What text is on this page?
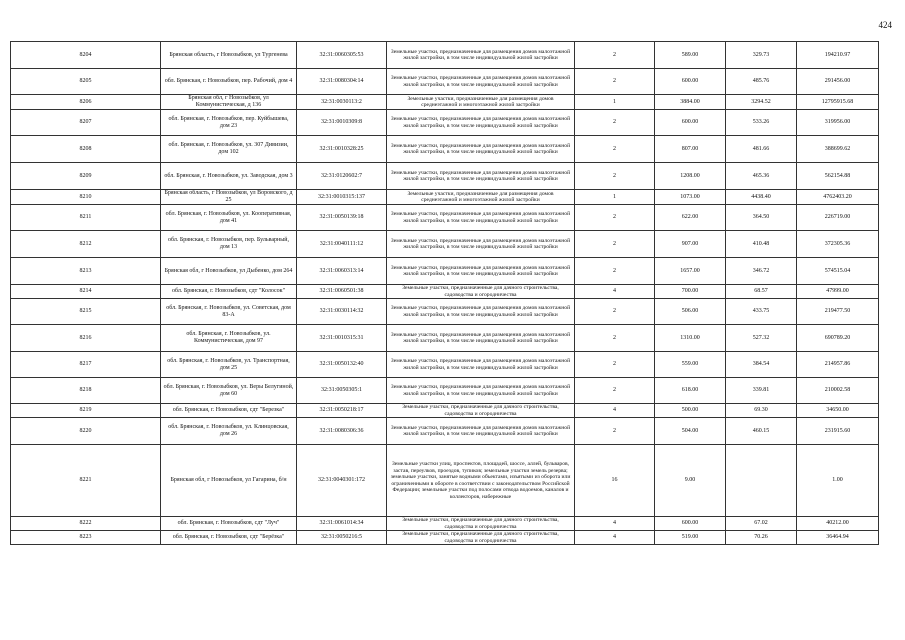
424
8204	Брянская область, г Новозыбков, ул Тургенева	32:31:0060305:53	Земельные участки, предназначенные для размещения домов малоэтажной жилой застройки, в том числе индивидуальной жилой застройки	2	589.00	329.73	194210.97
8205	обл. Брянская, г. Новозыбков, пер. Рабочий, дом 4	32:31:0080304:14	Земельные участки, предназначенные для размещения домов малоэтажной жилой застройки, в том числе индивидуальной жилой застройки	2	600.00	485.76	291456.00
8206	Брянская обл, г Новозыбков, ул Коммунистическая, д 136	32:31:0030113:2	Земельные участки, предназначенные для размещения домов среднеэтажной и многоэтажной жилой застройки	1	3884.00	3294.52	12795915.68
8207	обл. Брянская, г. Новозыбков, пер. Куйбышева, дом 23	32:31:0010309:8	Земельные участки, предназначенные для размещения домов малоэтажной жилой застройки, в том числе индивидуальной жилой застройки	2	600.00	533.26	319956.00
8208	обл. Брянская, г. Новозыбков, ул. 307 Дивизии, дом 102	32:31:0010328:25	Земельные участки, предназначенные для размещения домов малоэтажной жилой застройки, в том числе индивидуальной жилой застройки	2	807.00	481.66	388699.62
8209	обл. Брянская, г. Новозыбков, ул. Заводская, дом 3	32:31:0120602:7	Земельные участки, предназначенные для размещения домов малоэтажной жилой застройки, в том числе индивидуальной жилой застройки	2	1208.00	465.36	562154.88
8210	Брянская область, г Новозыбков, ул Воровского, д 25	32:31:0010315:137	Земельные участки, предназначенные для размещения домов среднеэтажной и многоэтажной жилой застройки	1	1073.00	4438.40	4762403.20
8211	обл. Брянская, г. Новозыбков, ул. Кооперативная, дом 41	32:31:0050139:18	Земельные участки, предназначенные для размещения домов малоэтажной жилой застройки, в том числе индивидуальной жилой застройки	2	622.00	364.50	226719.00
8212	обл. Брянская, г. Новозыбков, пер. Бульварный, дом 13	32:31:0040111:12	Земельные участки, предназначенные для размещения домов малоэтажной жилой застройки, в том числе индивидуальной жилой застройки	2	907.00	410.48	372305.36
8213	Брянская обл, г Новозыбков, ул Дыбенко, дом 264	32:31:0060313:14	Земельные участки, предназначенные для размещения домов малоэтажной жилой застройки, в том числе индивидуальной жилой застройки	2	1657.00	346.72	574515.04
8214	обл. Брянская, г. Новозыбков, сдт "Колосок"	32:31:0060501:38	Земельные участки, предназначенные для дачного строительства, садоводства и огородничества	4	700.00	68.57	47999.00
8215	обл. Брянская, г. Новозыбков, ул. Советская, дом 83-А	32:31:0030114:32	Земельные участки, предназначенные для размещения домов малоэтажной жилой застройки, в том числе индивидуальной жилой застройки	2	506.00	433.75	219477.50
8216	обл. Брянская, г. Новозыбков, ул. Коммунистическая, дом 97	32:31:0010315:31	Земельные участки, предназначенные для размещения домов малоэтажной жилой застройки, в том числе индивидуальной жилой застройки	2	1310.00	527.32	690789.20
8217	обл. Брянская, г. Новозыбков, ул. Транспортная, дом 25	32:31:0050132:40	Земельные участки, предназначенные для размещения домов малоэтажной жилой застройки, в том числе индивидуальной жилой застройки	2	559.00	384.54	214957.86
8218	обл. Брянская, г. Новозыбков, ул. Веры Белугиной, дом 60	32:31:0050305:1	Земельные участки, предназначенные для размещения домов малоэтажной жилой застройки, в том числе индивидуальной жилой застройки	2	618.00	339.81	210002.58
8219	обл. Брянская, г. Новозыбков, сдт "Березка"	32:31:0050218:17	Земельные участки, предназначенные для дачного строительства, садоводства и огородничества	4	500.00	69.30	34650.00
8220	обл. Брянская, г. Новозыбков, ул. Клинцовская, дом 26	32:31:0080306:36	Земельные участки, предназначенные для размещения домов малоэтажной жилой застройки, в том числе индивидуальной жилой застройки	2	504.00	460.15	231915.60
8221	Брянская обл, г Новозыбков, ул Гагарина, б/н	32:31:0040301:172	Земельные участки улиц, проспектов, площадей, шоссе, аллей, бульваров, застав, переулков, проездов, тупиков; земельные участки земель резерва; земельные участки, занятые водными объектами, изъятыми из оборота или ограниченными в обороте в соответствии с законодательством Российской Федерации; земельные участки под полосами отвода водоемов, каналов и коллекторов, набережные	16	9.00		1.00
8222	обл. Брянская, г. Новозыбков, сдт "Луч"	32:31:0061014:34	Земельные участки, предназначенные для дачного строительства, садоводства и огородничества	4	600.00	67.02	40212.00
8223	обл. Брянская, г. Новозыбков, сдт "Берёзка"	32:31:0050216:5	Земельные участки, предназначенные для дачного строительства, садоводства и огородничества	4	519.00	70.26	36464.94
